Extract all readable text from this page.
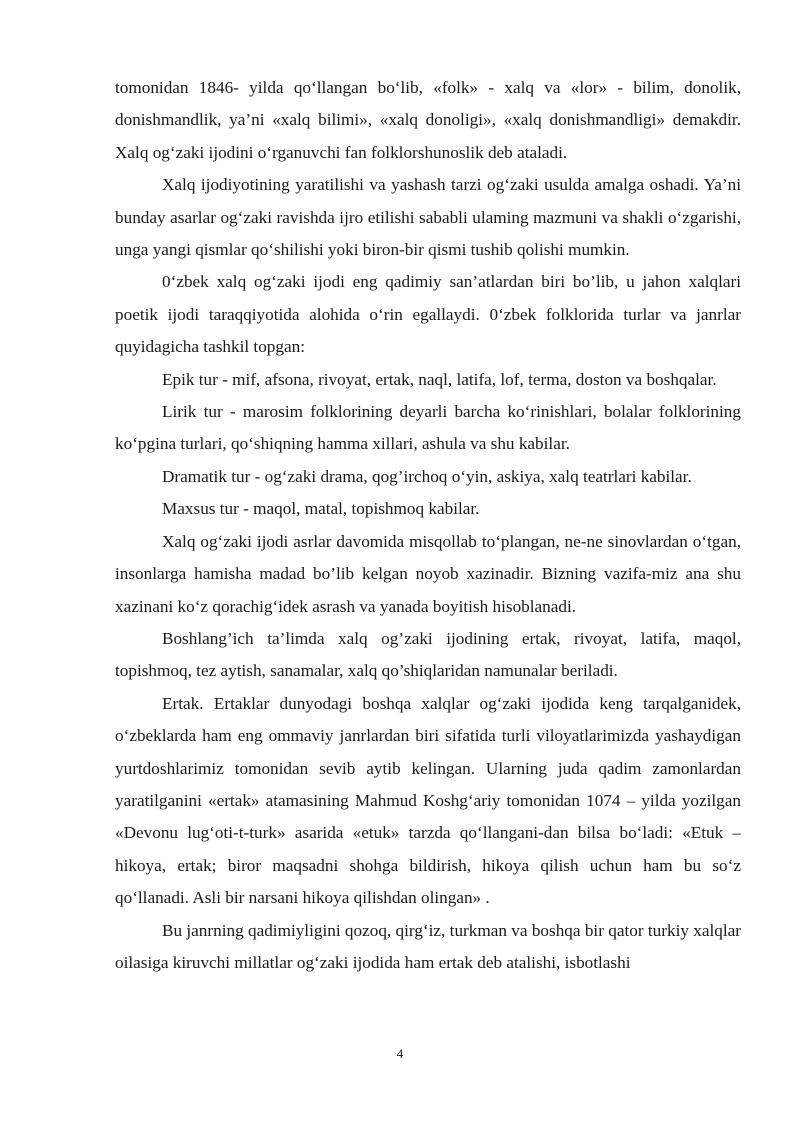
tomonidan 1846- yilda qo‘llangan bo‘lib, «folk» - xalq va «lor» - bilim, donolik, donishmandlik, ya’ni «xalq bilimi», «xalq donoligi», «xalq donishmandligi» demakdir. Xalq og‘zaki ijodini o‘rganuvchi fan folklorshunoslik deb ataladi.

Xalq ijodiyotining yaratilishi va yashash tarzi og‘zaki usulda amalga oshadi. Ya’ni bunday asarlar og‘zaki ravishda ijro etilishi sababli ulaming mazmuni va shakli o‘zgarishi, unga yangi qismlar qo‘shilishi yoki biron-bir qismi tushib qolishi mumkin.

0‘zbek xalq og‘zaki ijodi eng qadimiy san’atlardan biri bo’lib, u jahon xalqlari poetik ijodi taraqqiyotida alohida o‘rin egallaydi. 0‘zbek folklorida turlar va janrlar quyidagicha tashkil topgan:

Epik tur - mif, afsona, rivoyat, ertak, naql, latifa, lof, terma, doston va boshqalar.

Lirik tur - marosim folklorining deyarli barcha ko‘rinishlari, bolalar folklorining ko‘pgina turlari, qo‘shiqning hamma xillari, ashula va shu kabilar.

Dramatik tur - og‘zaki drama, qog’irchoq o‘yin, askiya, xalq teatrlari kabilar.

Maxsus tur - maqol, matal, topishmoq kabilar.

Xalq og‘zaki ijodi asrlar davomida misqollab to‘plangan, ne-ne sinovlardan o‘tgan, insonlarga hamisha madad bo’lib kelgan noyob xazinadir. Bizning vazifa-miz ana shu xazinani ko‘z qorachig‘idek asrash va yanada boyitish hisoblanadi.

Boshlang’ich ta’limda xalq og’zaki ijodining ertak, rivoyat, latifa, maqol, topishmoq, tez aytish, sanamalar, xalq qo’shiqlaridan namunalar beriladi.

Ertak. Ertaklar dunyodagi boshqa xalqlar og‘zaki ijodida keng tarqalganidek, o‘zbeklarda ham eng ommaviy janrlardan biri sifatida turli viloyatlarimizda yashaydigan yurtdoshlarimiz tomonidan sevib aytib kelingan. Ularning juda qadim zamonlardan yaratilganini «ertak» atamasining Mahmud Koshg‘ariy tomonidan 1074 – yilda yozilgan «Devonu lug‘oti-t-turk» asarida «etuk» tarzda qo‘llangani-dan bilsa bo‘ladi: «Etuk – hikoya, ertak; biror maqsadni shohga bildirish, hikoya qilish uchun ham bu so‘z qo‘llanadi. Asli bir narsani hikoya qilishdan olingan» .

Bu janrning qadimiyligini qozoq, qirg‘iz, turkman va boshqa bir qator turkiy xalqlar oilasiga kiruvchi millatlar og‘zaki ijodida ham ertak deb atalishi, isbotlashi

4
